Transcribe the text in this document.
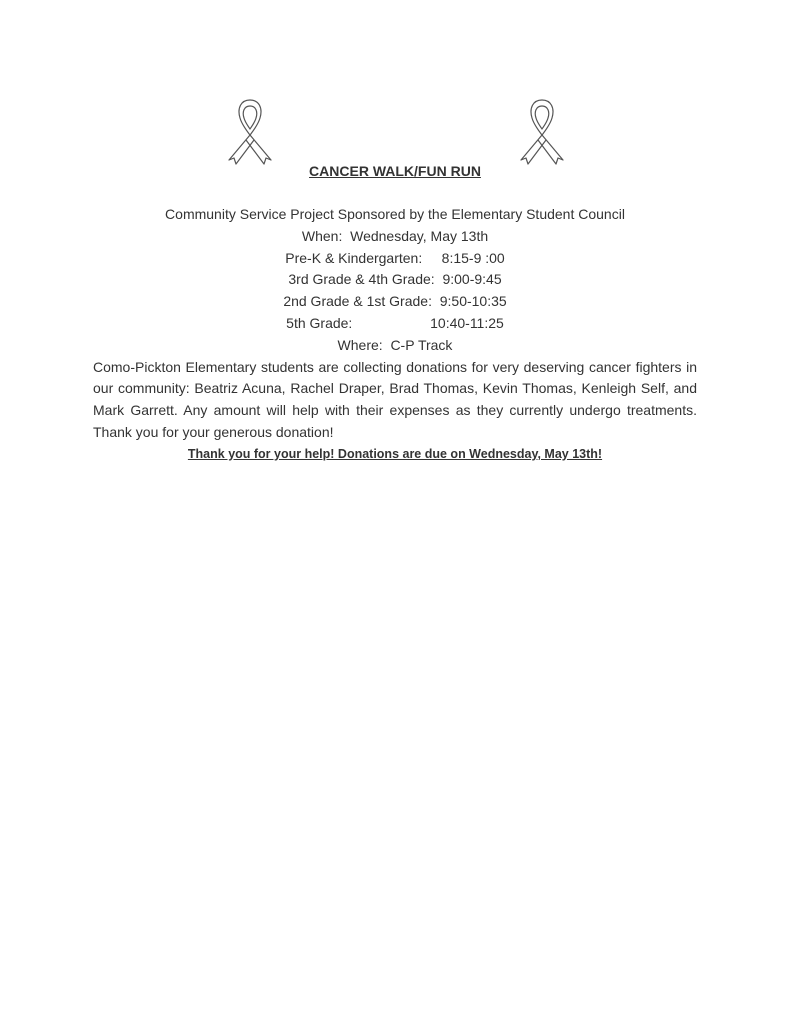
CANCER WALK/FUN RUN

Community Service Project Sponsored by the Elementary Student Council

When:  Wednesday, May 13th

Pre-K & Kindergarten:     8:15-9 :00

3rd Grade & 4th Grade:  9:00-9:45

2nd Grade & 1st Grade:  9:50-10:35

5th Grade:                    10:40-11:25

Where:  C-P Track

Como-Pickton Elementary students are collecting donations for very deserving cancer fighters in our community: Beatriz Acuna, Rachel Draper, Brad Thomas, Kevin Thomas, Kenleigh Self, and Mark Garrett. Any amount will help with their expenses as they currently undergo treatments. Thank you for your generous donation!

Thank you for your help! Donations are due on Wednesday, May 13th!
